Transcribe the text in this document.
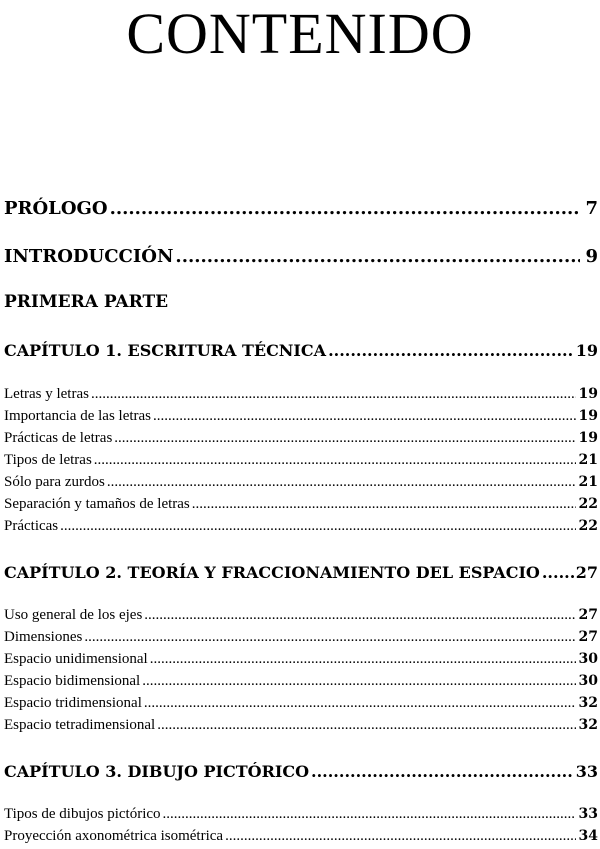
CONTENIDO
PRÓLOGO .....	7
INTRODUCCIÓN .....	9
PRIMERA PARTE
CAPÍTULO 1. ESCRITURA TÉCNICA .....	19
Letras y letras .....	19
Importancia de las letras .....	19
Prácticas de letras .....	19
Tipos de letras .....	21
Sólo para zurdos .....	21
Separación y tamaños de letras .....	22
Prácticas .....	22
CAPÍTULO 2. TEORÍA Y FRACCIONAMIENTO DEL ESPACIO ..... 27
Uso general de los ejes .....	27
Dimensiones .....	27
Espacio unidimensional .....	30
Espacio bidimensional .....	30
Espacio tridimensional .....	32
Espacio tetradimensional .....	32
CAPÍTULO 3. DIBUJO PICTÓRICO .....	33
Tipos de dibujos pictórico .....	33
Proyección axonométrica isométrica .....	34
